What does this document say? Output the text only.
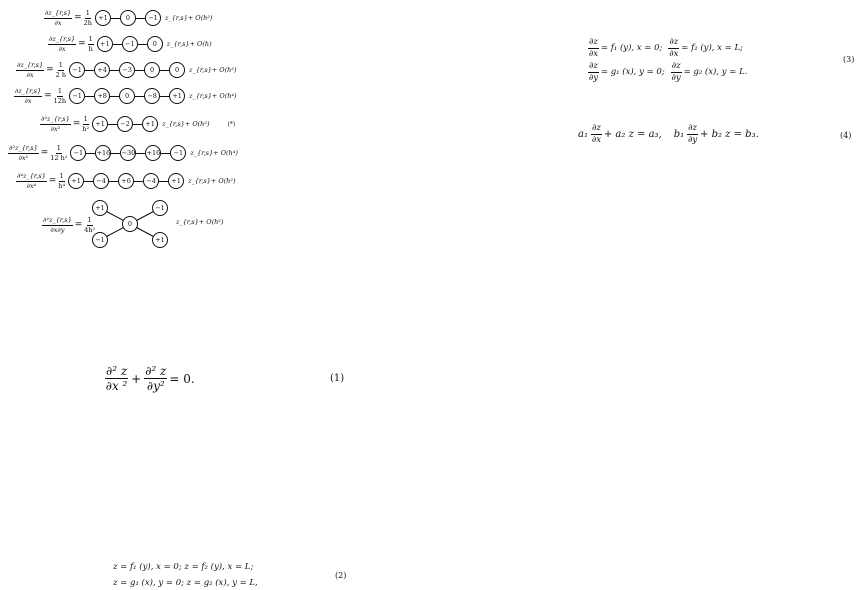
$\frac{\partial z\_\{r,s\}}{\partial x} = \frac{1}{2h} +1$	0	−1	z_{r,s}+ O(h²)
$\frac{\partial z\_\{r,s\}}{\partial x} = \frac{1}{h} +1$	−1	0	z_{r,s}+ O(h)
$\frac{\partial z\_\{r,s\}}{\partial x} = \frac{1}{2 h} -1$	+4	−3	0	0	z_{r,s}+ O(h²)
$\frac{\partial z\_\{r,s\}}{\partial x} = \frac{1}{12h} -1$	+8	0	−8	+1	z_{r,s}+ O(h⁴)
$\frac{\text{∂²z\_\{r,s\}}}{\text{∂x²}} = \frac{1}{\text{h²}} +1$	−2	+1	z_{r,s}+ O(h²)	(*)
$\frac{\text{∂²z\_\{r,s\}}}{\text{∂x²}} = \frac{1}{\text{12 h²}} -1$	+16 −30 +16	−1	z_{r,s}+ O(h⁴)
$\frac{\text{∂⁴z\_\{r,s\}}}{\text{∂x⁴}} = \frac{1}{\text{h⁴}} +1$	−4	+6	−4	+1	z_{r,s}+ O(h²)
$\frac{\text{∂²z\_\{r,s\}}}{\partial x\partial y} = \frac{1}{\text{4h²}}$
+1	−1
0
−1	+1
z_{r,s}+ O(h²)
$\frac{\text{∂² z}}{\text{∂x ²}} + \frac{\text{∂² z}}{\text{∂y²}} = 0$.	(1)
z = f₁ (y), x = 0; z = f₂ (y), x = L;
z = g₁ (x), y = 0; z = g₂ (x), y = L,
(2)
$\frac{\partial z}{\partial x} = f_1$ (y), x = 0; $\frac{\partial z}{\partial x} = f_2$ (y), x = L;
$\frac{\partial z}{\partial y} = g_1$ (x), y = 0; $\frac{\partial z}{\partial y} = g_2$ (x), y = L.
(3)
$a_1 \frac{\partial z}{\partial x} + a_2$ z = a₃, $b_1 \frac{\partial z}{\partial y} + b_2$ z = b₃.	(4)
